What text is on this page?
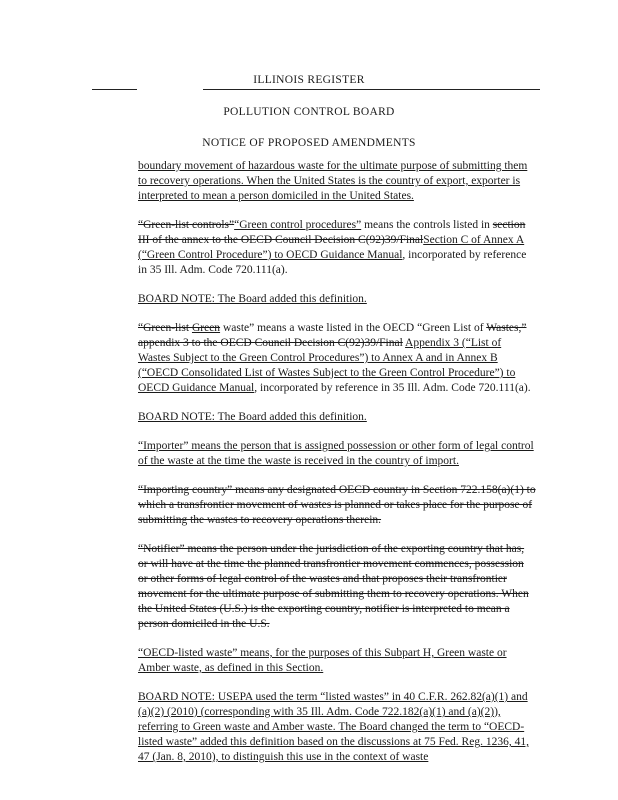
ILLINOIS REGISTER
POLLUTION CONTROL BOARD
NOTICE OF PROPOSED AMENDMENTS

boundary movement of hazardous waste for the ultimate purpose of submitting them to recovery operations. When the United States is the country of export, exporter is interpreted to mean a person domiciled in the United States.

“Green-list controls”“Green control procedures” means the controls listed in section III of the annex to the OECD Council Decision C(92)39/FinalSection C of Annex A (“Green Control Procedure”) to OECD Guidance Manual, incorporated by reference in 35 Ill. Adm. Code 720.111(a).

BOARD NOTE: The Board added this definition.

“Green-list Green waste” means a waste listed in the OECD “Green List of Wastes,” appendix 3 to the OECD Council Decision C(92)39/Final Appendix 3 (“List of Wastes Subject to the Green Control Procedures”) to Annex A and in Annex B (“OECD Consolidated List of Wastes Subject to the Green Control Procedure”) to OECD Guidance Manual, incorporated by reference in 35 Ill. Adm. Code 720.111(a).

BOARD NOTE: The Board added this definition.

“Importer” means the person that is assigned possession or other form of legal control of the waste at the time the waste is received in the country of import.

“Importing country” means any designated OECD country in Section 722.158(a)(1) to which a transfrontier movement of wastes is planned or takes place for the purpose of submitting the wastes to recovery operations therein.

“Notifier” means the person under the jurisdiction of the exporting country that has, or will have at the time the planned transfrontier movement commences, possession or other forms of legal control of the wastes and that proposes their transfrontier movement for the ultimate purpose of submitting them to recovery operations. When the United States (U.S.) is the exporting country, notifier is interpreted to mean a person domiciled in the U.S.

“OECD-listed waste” means, for the purposes of this Subpart H, Green waste or Amber waste, as defined in this Section.

BOARD NOTE: USEPA used the term “listed wastes” in 40 C.F.R. 262.82(a)(1) and (a)(2) (2010) (corresponding with 35 Ill. Adm. Code 722.182(a)(1) and (a)(2)), referring to Green waste and Amber waste. The Board changed the term to “OECD-listed waste” added this definition based on the discussions at 75 Fed. Reg. 1236, 41, 47 (Jan. 8, 2010), to distinguish this use in the context of waste
